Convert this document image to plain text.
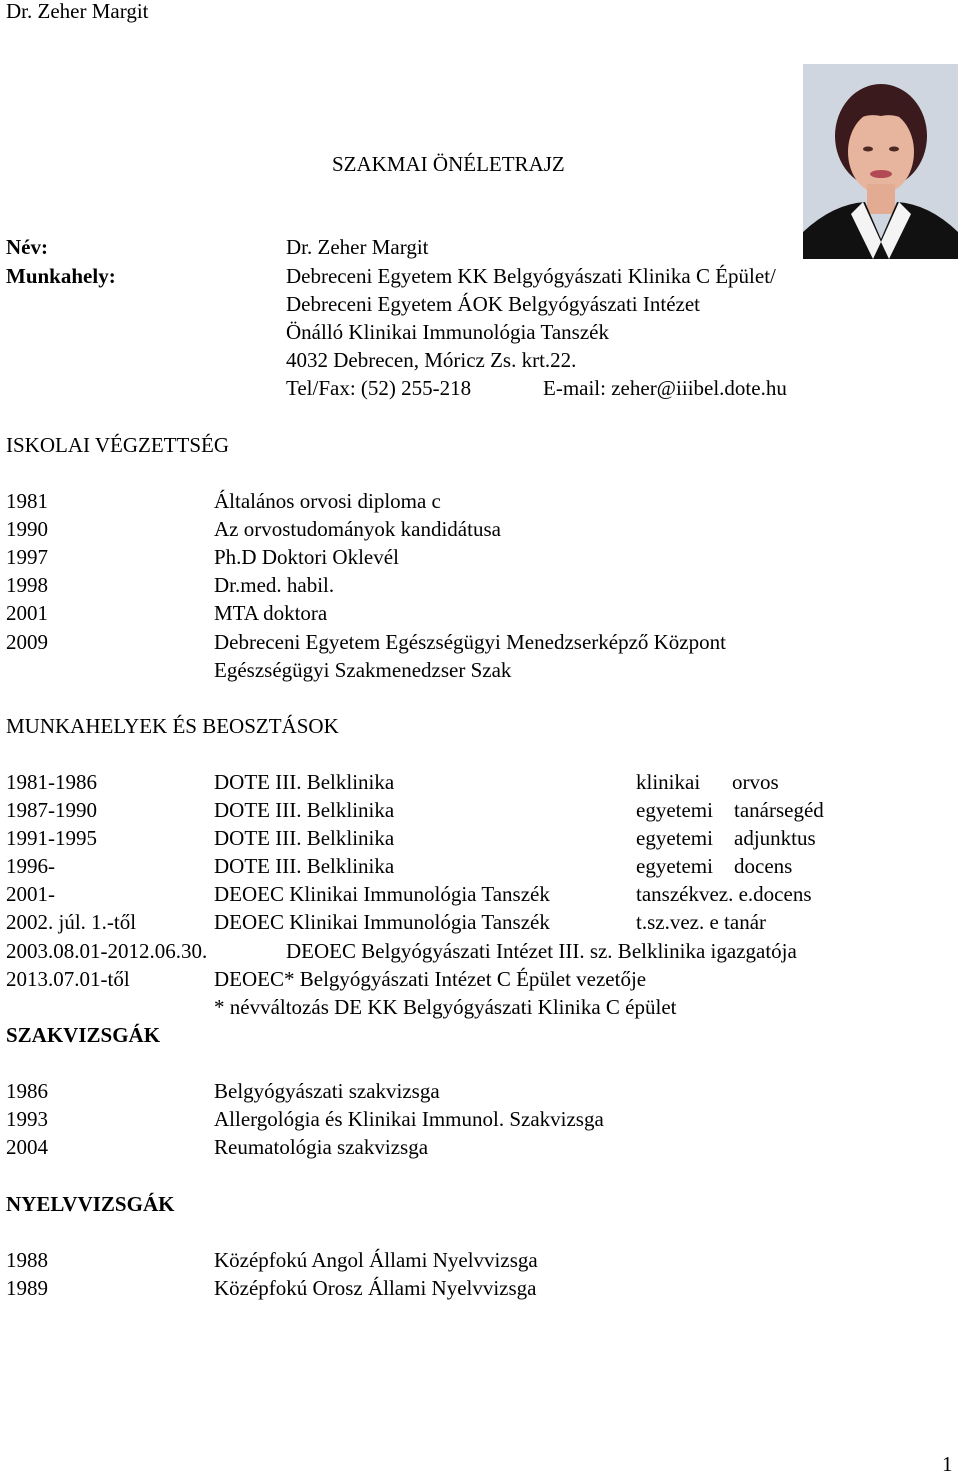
Dr. Zeher Margit
SZAKMAI ÖNÉLETRAJZ
Név:	Dr. Zeher Margit
Munkahely:	Debreceni Egyetem KK Belgyógyászati Klinika C Épület/
Debreceni Egyetem ÁOK Belgyógyászati Intézet
Önálló Klinikai Immunológia Tanszék
4032 Debrecen, Móricz Zs. krt.22.
Tel/Fax: (52) 255-218	E-mail: zeher@iiibel.dote.hu
ISKOLAI VÉGZETTSÉG
1981	Általános orvosi diploma c
1990	Az orvostudományok kandidátusa
1997	Ph.D Doktori Oklevél
1998	Dr.med. habil.
2001	MTA doktora
2009	Debreceni Egyetem Egészségügyi Menedzserképző Központ
Egészségügyi Szakmenedzser Szak
MUNKAHELYEK ÉS BEOSZTÁSOK
1981-1986	DOTE III. Belklinika	klinikai orvos
1987-1990	DOTE III. Belklinika	egyetemi tanársegéd
1991-1995	DOTE III. Belklinika	egyetemi adjunktus
1996-	DOTE III. Belklinika	egyetemi docens
2001-	DEOEC Klinikai Immunológia Tanszék	tanszékvez. e.docens
2002. júl. 1.-től	DEOEC Klinikai Immunológia Tanszék	t.sz.vez. e tanár
2003.08.01-2012.06.30.	DEOEC Belgyógyászati Intézet III. sz. Belklinika igazgatója
2013.07.01-től	DEOEC* Belgyógyászati Intézet C Épület vezetője
* névváltozás DE KK Belgyógyászati Klinika C épület
SZAKVIZSGÁK
1986	Belgyógyászati szakvizsga
1993	Allergológia és Klinikai Immunol. Szakvizsga
2004	Reumatológia szakvizsga
NYELVVIZSGÁK
1988	Középfokú Angol Állami Nyelvvizsga
1989	Középfokú Orosz Állami Nyelvvizsga
1
